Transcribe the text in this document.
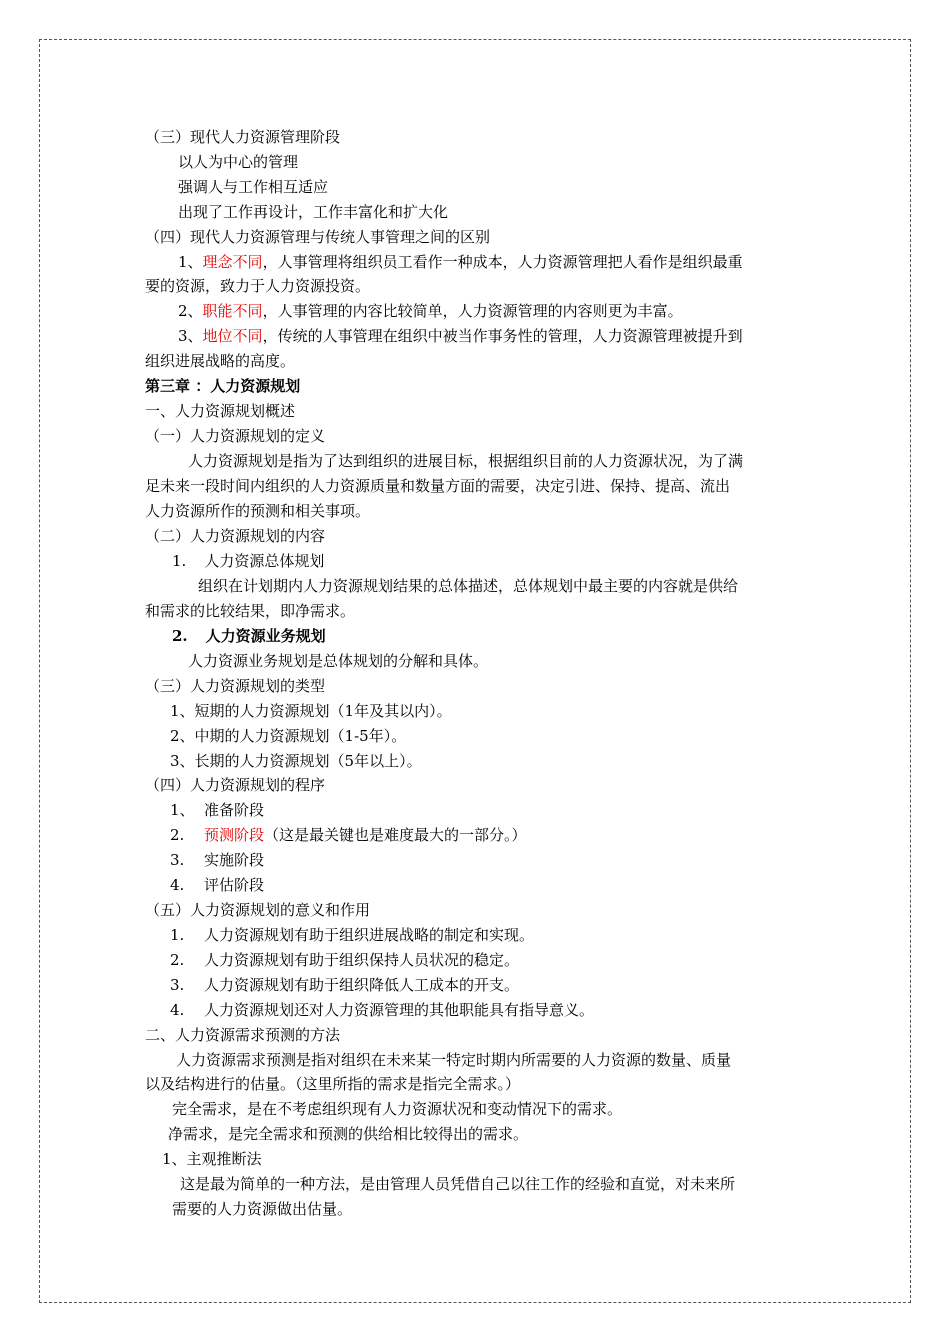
（三）现代人力资源管理阶段
以人为中心的管理
强调人与工作相互适应
出现了工作再设计，工作丰富化和扩大化
（四）现代人力资源管理与传统人事管理之间的区别
1、理念不同，人事管理将组织员工看作一种成本，人力资源管理把人看作是组织最重
要的资源，致力于人力资源投资。
2、职能不同，人事管理的内容比较简单，人力资源管理的内容则更为丰富。
3、地位不同，传统的人事管理在组织中被当作事务性的管理，人力资源管理被提升到
组织进展战略的高度。
第三章 ：人力资源规划
一、人力资源规划概述
（一）人力资源规划的定义
人力资源规划是指为了达到组织的进展目标，根据组织目前的人力资源状况，为了满
足未来一段时间内组织的人力资源质量和数量方面的需要，决定引进、保持、提高、流出
人力资源所作的预测和相关事项。
（二）人力资源规划的内容
1. 人力资源总体规划
组织在计划期内人力资源规划结果的总体描述，总体规划中最主要的内容就是供给
和需求的比较结果，即净需求。
2. 人力资源业务规划
人力资源业务规划是总体规划的分解和具体。
（三）人力资源规划的类型
1、短期的人力资源规划（1年及其以内）。
2、中期的人力资源规划（1-5年）。
3、长期的人力资源规划（5年以上）。
（四）人力资源规划的程序
1、 准备阶段
2. 预测阶段（这是最关键也是难度最大的一部分。）
3. 实施阶段
4. 评估阶段
（五）人力资源规划的意义和作用
1. 人力资源规划有助于组织进展战略的制定和实现。
2. 人力资源规划有助于组织保持人员状况的稳定。
3. 人力资源规划有助于组织降低人工成本的开支。
4. 人力资源规划还对人力资源管理的其他职能具有指导意义。
二、人力资源需求预测的方法
人力资源需求预测是指对组织在未来某一特定时期内所需要的人力资源的数量、质量
以及结构进行的估量。（这里所指的需求是指完全需求。）
完全需求，是在不考虑组织现有人力资源状况和变动情况下的需求。
净需求，是完全需求和预测的供给相比较得出的需求。
1、主观推断法
这是最为简单的一种方法，是由管理人员凭借自己以往工作的经验和直觉，对未来所
需要的人力资源做出估量。
